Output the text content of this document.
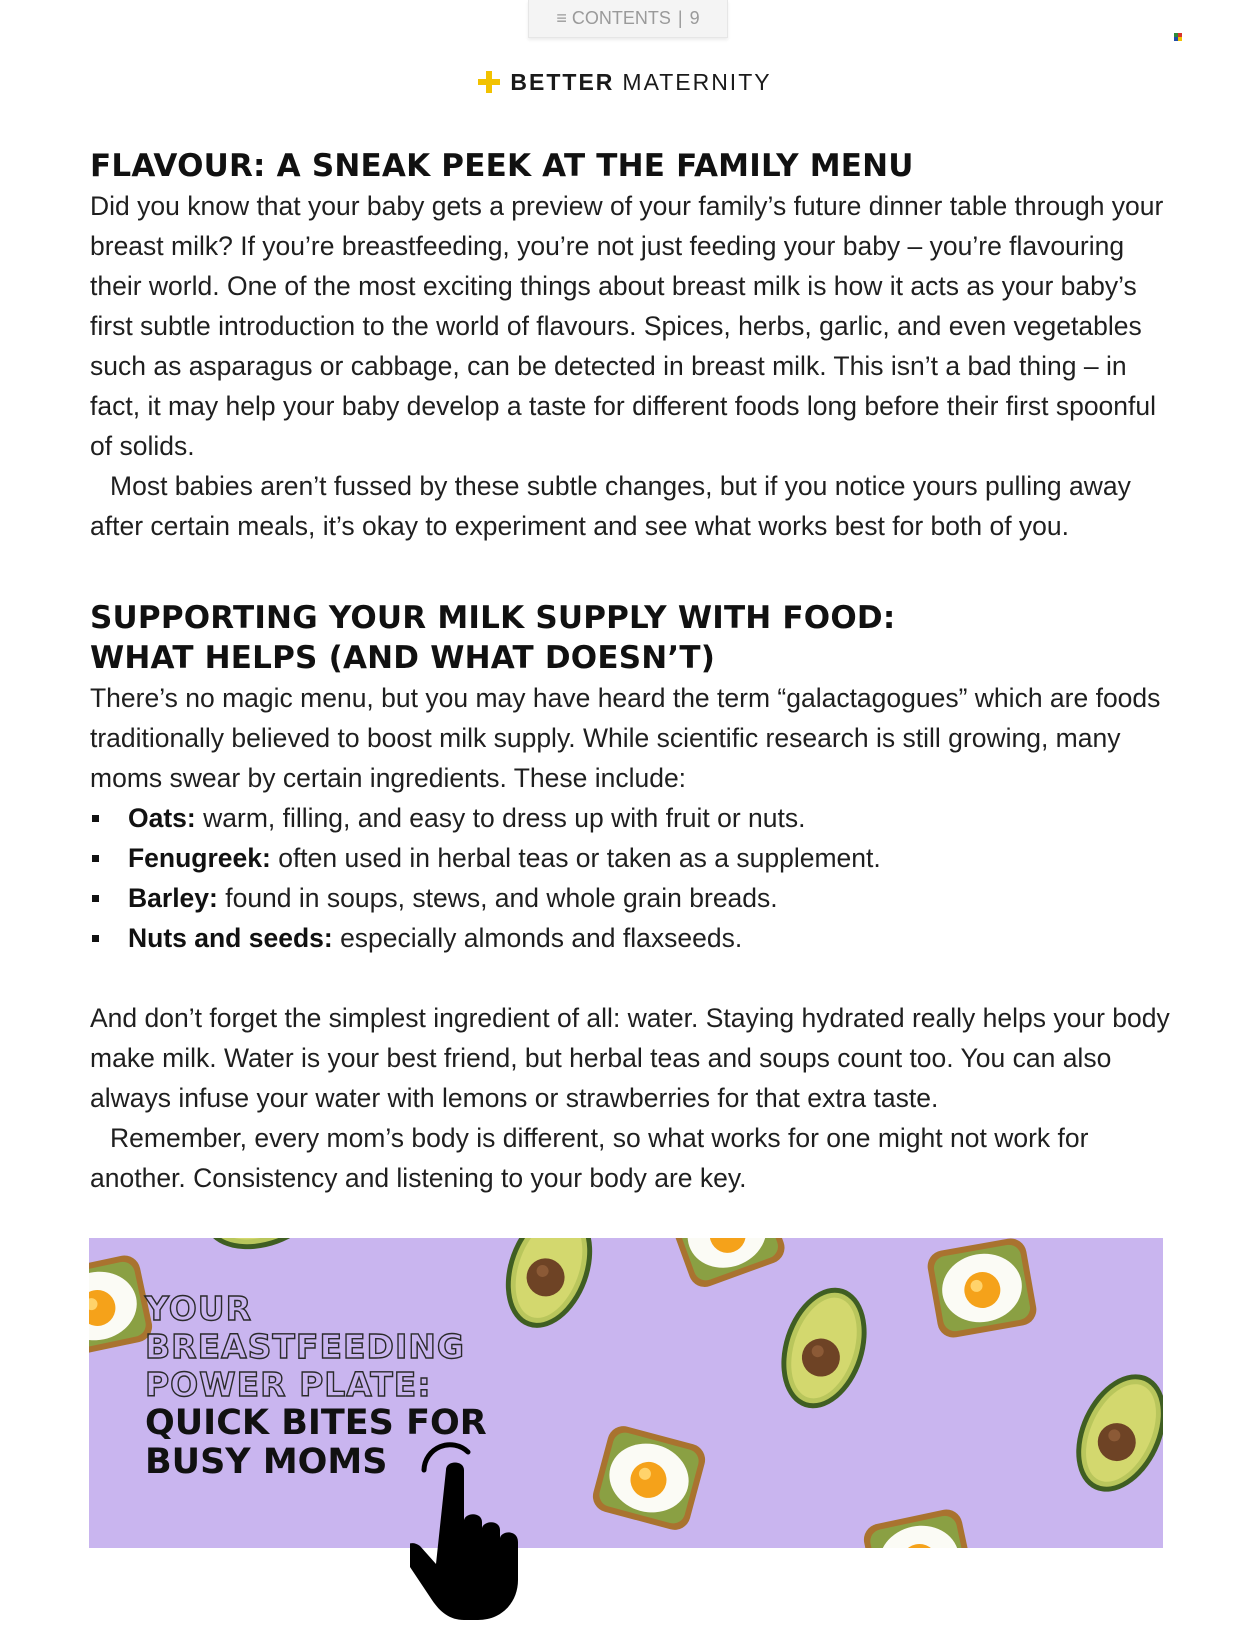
≡ CONTENTS | 9
BETTER MATERNITY
FLAVOUR: A SNEAK PEEK AT THE FAMILY MENU

Did you know that your baby gets a preview of your family’s future dinner table through your breast milk? If you’re breastfeeding, you’re not just feeding your baby – you’re flavouring their world. One of the most exciting things about breast milk is how it acts as your baby’s first subtle introduction to the world of flavours. Spices, herbs, garlic, and even vegetables such as asparagus or cabbage, can be detected in breast milk. This isn’t a bad thing – in fact, it may help your baby develop a taste for different foods long before their first spoonful of solids.

Most babies aren’t fussed by these subtle changes, but if you notice yours pulling away after certain meals, it’s okay to experiment and see what works best for both of you.

SUPPORTING YOUR MILK SUPPLY WITH FOOD:
WHAT HELPS (AND WHAT DOESN’T)

There’s no magic menu, but you may have heard the term “galactagogues” which are foods traditionally believed to boost milk supply. While scientific research is still growing, many moms swear by certain ingredients. These include:

Oats: warm, filling, and easy to dress up with fruit or nuts.
Fenugreek: often used in herbal teas or taken as a supplement.
Barley: found in soups, stews, and whole grain breads.
Nuts and seeds: especially almonds and flaxseeds.

And don’t forget the simplest ingredient of all: water. Staying hydrated really helps your body make milk. Water is your best friend, but herbal teas and soups count too. You can also always infuse your water with lemons or strawberries for that extra taste.

Remember, every mom’s body is different, so what works for one might not work for another. Consistency and listening to your body are key.

YOUR
BREASTFEEDING
POWER PLATE:
QUICK BITES FOR
BUSY MOMS
